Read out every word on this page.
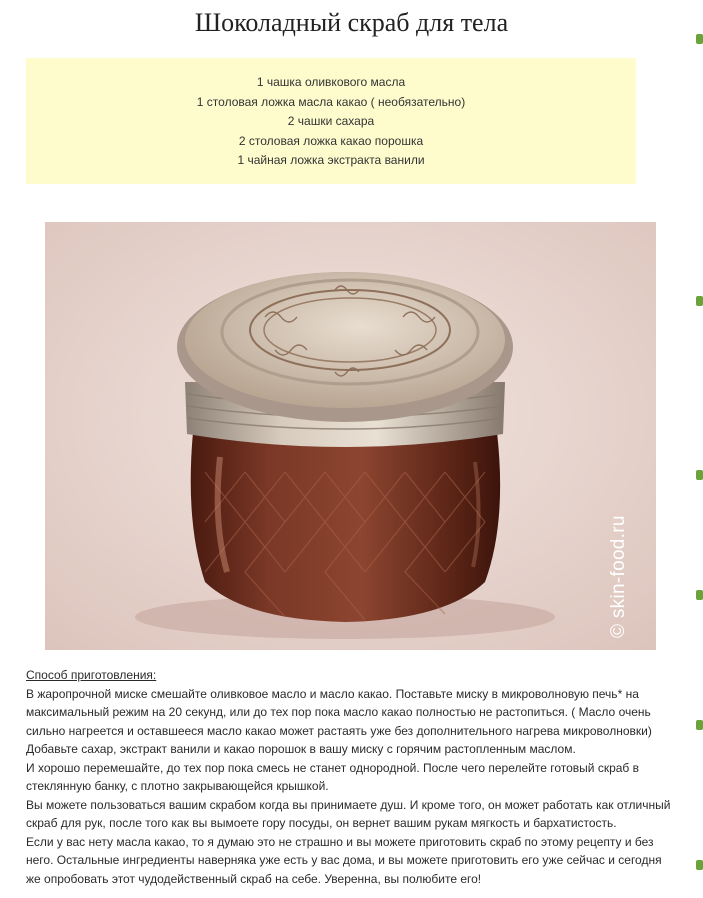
Шоколадный скраб для тела
1 чашка оливкового масла
1 столовая ложка масла какао ( необязательно)
2 чашки сахара
2 столовая ложка какао порошка
1 чайная ложка экстракта ванили
© skin-food.ru
Способ приготовления:

В жаропрочной миске смешайте оливковое масло и масло какао. Поставьте миску в микроволновую печь* на максимальный режим на 20 секунд, или до тех пор пока масло какао полностью не растопиться. ( Масло очень сильно нагреется и оставшееся масло какао может растаять уже без дополнительного нагрева микроволновки)

Добавьте сахар, экстракт ванили и какао порошок в вашу миску с горячим растопленным маслом.

И хорошо перемешайте, до тех пор пока смесь не станет однородной. После чего перелейте готовый скраб в стеклянную банку, с плотно закрывающейся крышкой.

Вы можете пользоваться вашим скрабом когда вы принимаете душ. И кроме того, он может работать как отличный скраб для рук, после того как вы вымоете гору посуды, он вернет вашим рукам мягкость и бархатистость.

Если у вас нету масла какао, то я думаю это не страшно и вы можете приготовить скраб по этому рецепту и без него. Остальные ингредиенты наверняка уже есть у вас дома, и вы можете приготовить его уже сейчас и сегодня же опробовать этот чудодейственный скраб на себе. Уверенна, вы полюбите его!
